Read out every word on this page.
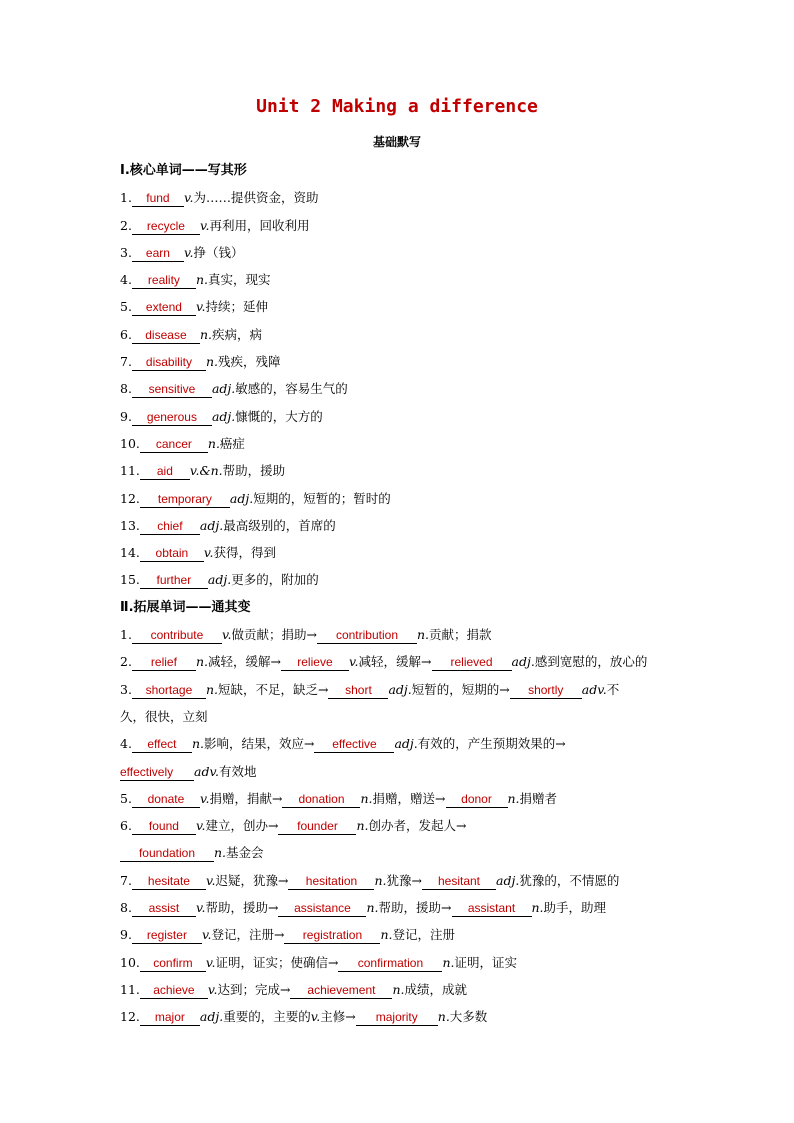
Unit 2 Making a difference
基础默写
Ⅰ.核心单词——写其形
1. fund v.为……提供资金，资助
2. recycle v.再利用，回收利用
3. earn v.挣（钱）
4. reality n.真实，现实
5. extend v.持续；延伸
6. disease n.疾病，病
7. disability n.残疾，残障
8. sensitive adj.敏感的，容易生气的
9. generous adj.慷慨的，大方的
10. cancer n.癌症
11. aid v.&n.帮助，援助
12. temporary adj.短期的，短暂的；暂时的
13. chief adj.最高级别的，首席的
14. obtain v.获得，得到
15. further adj.更多的，附加的
Ⅱ.拓展单词——通其变
1. contribute v.做贡献；捐助→ contribution n.贡献；捐款
2. relief n.减轻，缓解→ relieve v.减轻，缓解→ relieved adj.感到宽慰的，放心的
3. shortage n.短缺，不足，缺乏→ short adj.短暂的，短期的→ shortly adv.不
久，很快，立刻
4. effect n.影响，结果，效应→ effective adj.有效的，产生预期效果的→
effectively adv.有效地
5. donate v.捐赠，捐献→ donation n.捐赠，赠送→ donor n.捐赠者
6. found v.建立，创办→ founder n.创办者，发起人→
foundation n.基金会
7. hesitate v.迟疑，犹豫→ hesitation n.犹豫→ hesitant adj.犹豫的，不情愿的
8. assist v.帮助，援助→ assistance n.帮助，援助→ assistant n.助手，助理
9. register v.登记，注册→ registration n.登记，注册
10. confirm v.证明，证实；使确信→ confirmation n.证明，证实
11. achieve v.达到；完成→ achievement n.成绩，成就
12. major adj.重要的，主要的v.主修→ majority n.大多数
